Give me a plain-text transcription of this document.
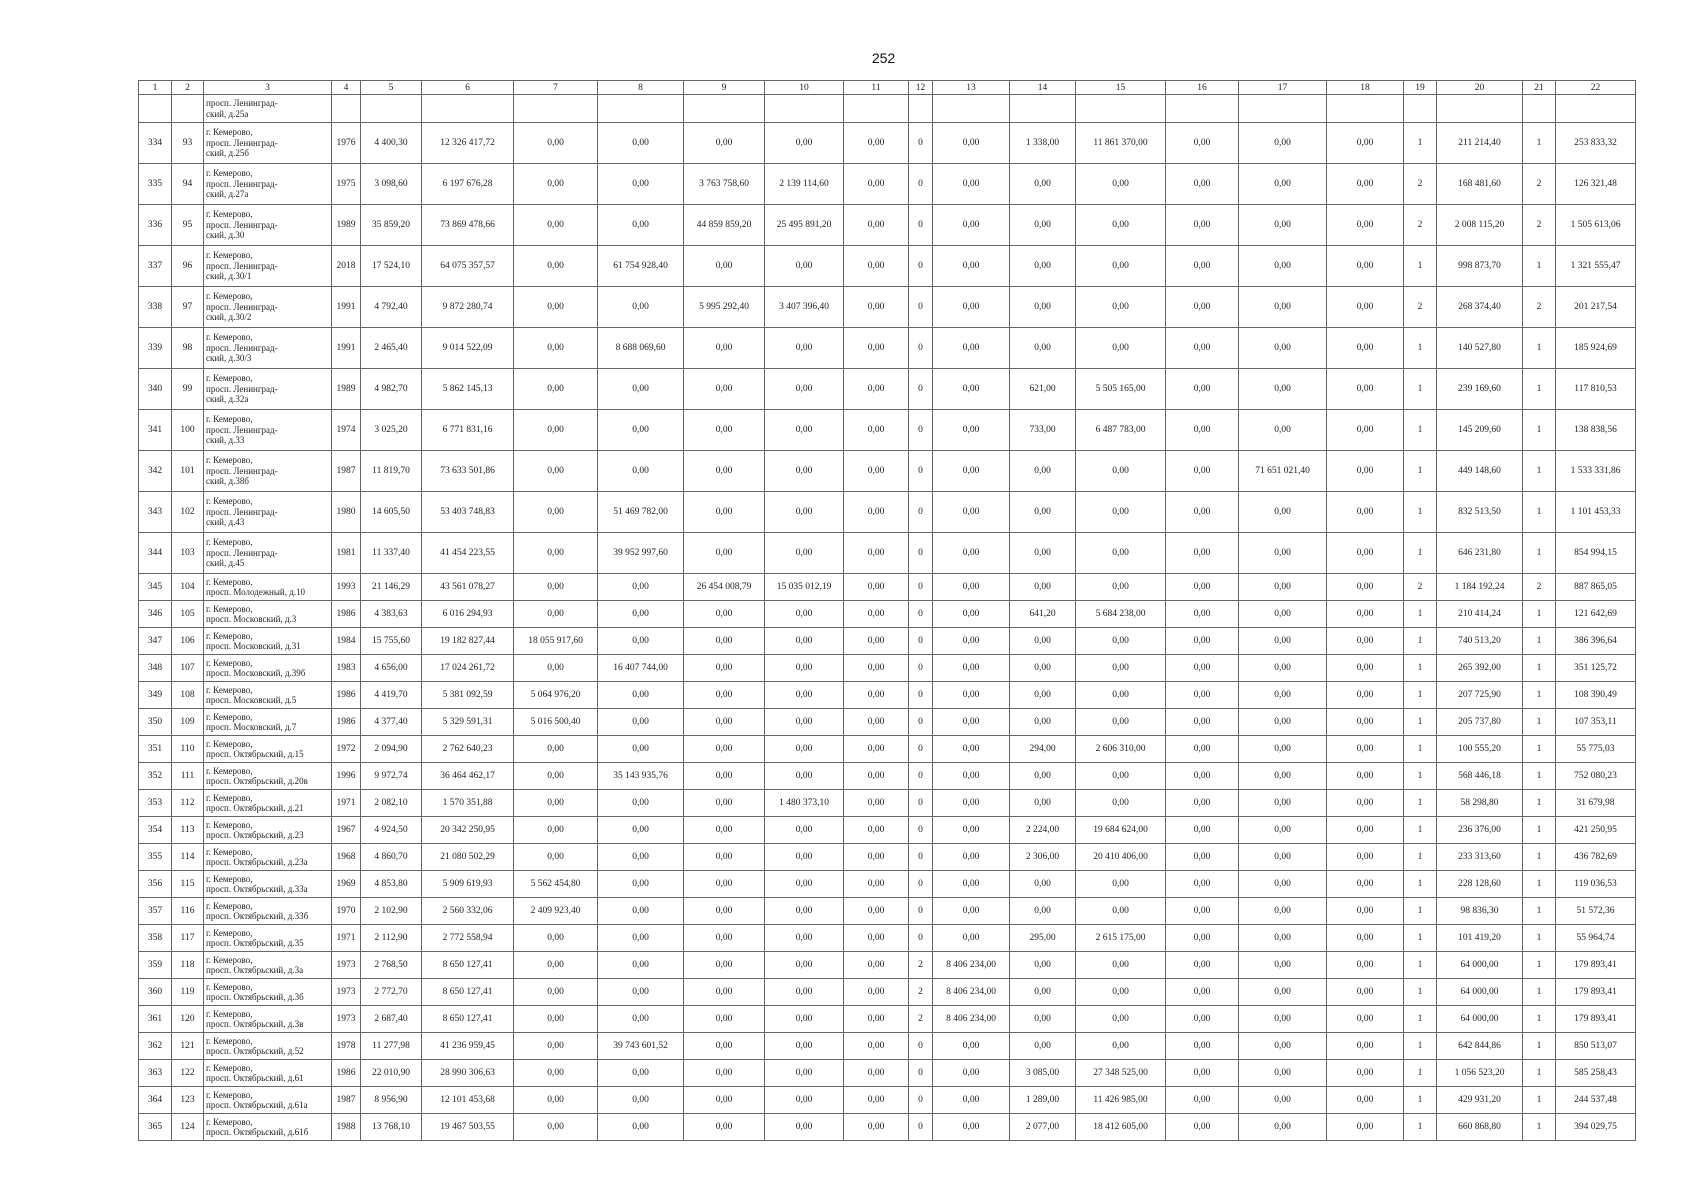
252
1	2	3	4	5	6	7	8	9	10	11	12	13	14	15	16	17	18	19	20	21	22

		просп. Ленинград-
ский, д.25а																			

334	93	г. Кемерово,
просп. Ленинград-
ский, д.25б	1976	4 400,30	12 326 417,72	0,00	0,00	0,00	0,00	0,00	0	0,00	1 338,00	11 861 370,00	0,00	0,00	0,00	1	211 214,40	1	253 833,32
335	94	г. Кемерово,
просп. Ленинград-
ский, д.27а	1975	3 098,60	6 197 676,28	0,00	0,00	3 763 758,60	2 139 114,60	0,00	0	0,00	0,00	0,00	0,00	0,00	0,00	2	168 481,60	2	126 321,48
336	95	г. Кемерово,
просп. Ленинград-
ский, д.30	1989	35 859,20	73 869 478,66	0,00	0,00	44 859 859,20	25 495 891,20	0,00	0	0,00	0,00	0,00	0,00	0,00	0,00	2	2 008 115,20	2	1 505 613,06
337	96	г. Кемерово,
просп. Ленинград-
ский, д.30/1	2018	17 524,10	64 075 357,57	0,00	61 754 928,40	0,00	0,00	0,00	0	0,00	0,00	0,00	0,00	0,00	0,00	1	998 873,70	1	1 321 555,47
338	97	г. Кемерово,
просп. Ленинград-
ский, д.30/2	1991	4 792,40	9 872 280,74	0,00	0,00	5 995 292,40	3 407 396,40	0,00	0	0,00	0,00	0,00	0,00	0,00	0,00	2	268 374,40	2	201 217,54
339	98	г. Кемерово,
просп. Ленинград-
ский, д.30/3	1991	2 465,40	9 014 522,09	0,00	8 688 069,60	0,00	0,00	0,00	0	0,00	0,00	0,00	0,00	0,00	0,00	1	140 527,80	1	185 924,69
340	99	г. Кемерово,
просп. Ленинград-
ский, д.32а	1989	4 982,70	5 862 145,13	0,00	0,00	0,00	0,00	0,00	0	0,00	621,00	5 505 165,00	0,00	0,00	0,00	1	239 169,60	1	117 810,53
341	100	г. Кемерово,
просп. Ленинград-
ский, д.33	1974	3 025,20	6 771 831,16	0,00	0,00	0,00	0,00	0,00	0	0,00	733,00	6 487 783,00	0,00	0,00	0,00	1	145 209,60	1	138 838,56
342	101	г. Кемерово,
просп. Ленинград-
ский, д.38б	1987	11 819,70	73 633 501,86	0,00	0,00	0,00	0,00	0,00	0	0,00	0,00	0,00	0,00	71 651 021,40	0,00	1	449 148,60	1	1 533 331,86
343	102	г. Кемерово,
просп. Ленинград-
ский, д.43	1980	14 605,50	53 403 748,83	0,00	51 469 782,00	0,00	0,00	0,00	0	0,00	0,00	0,00	0,00	0,00	0,00	1	832 513,50	1	1 101 453,33
344	103	г. Кемерово,
просп. Ленинград-
ский, д.45	1981	11 337,40	41 454 223,55	0,00	39 952 997,60	0,00	0,00	0,00	0	0,00	0,00	0,00	0,00	0,00	0,00	1	646 231,80	1	854 994,15
345	104	г. Кемерово,
просп. Молодежный, д.10	1993	21 146,29	43 561 078,27	0,00	0,00	26 454 008,79	15 035 012,19	0,00	0	0,00	0,00	0,00	0,00	0,00	0,00	2	1 184 192,24	2	887 865,05
346	105	г. Кемерово,
просп. Московский, д.3	1986	4 383,63	6 016 294,93	0,00	0,00	0,00	0,00	0,00	0	0,00	641,20	5 684 238,00	0,00	0,00	0,00	1	210 414,24	1	121 642,69
347	106	г. Кемерово,
просп. Московский, д.31	1984	15 755,60	19 182 827,44	18 055 917,60	0,00	0,00	0,00	0,00	0	0,00	0,00	0,00	0,00	0,00	0,00	1	740 513,20	1	386 396,64
348	107	г. Кемерово,
просп. Московский, д.39б	1983	4 656,00	17 024 261,72	0,00	16 407 744,00	0,00	0,00	0,00	0	0,00	0,00	0,00	0,00	0,00	0,00	1	265 392,00	1	351 125,72
349	108	г. Кемерово,
просп. Московский, д.5	1986	4 419,70	5 381 092,59	5 064 976,20	0,00	0,00	0,00	0,00	0	0,00	0,00	0,00	0,00	0,00	0,00	1	207 725,90	1	108 390,49
350	109	г. Кемерово,
просп. Московский, д.7	1986	4 377,40	5 329 591,31	5 016 500,40	0,00	0,00	0,00	0,00	0	0,00	0,00	0,00	0,00	0,00	0,00	1	205 737,80	1	107 353,11
351	110	г. Кемерово,
просп. Октябрьский, д.15	1972	2 094,90	2 762 640,23	0,00	0,00	0,00	0,00	0,00	0	0,00	294,00	2 606 310,00	0,00	0,00	0,00	1	100 555,20	1	55 775,03
352	111	г. Кемерово,
просп. Октябрьский, д.20в	1996	9 972,74	36 464 462,17	0,00	35 143 935,76	0,00	0,00	0,00	0	0,00	0,00	0,00	0,00	0,00	0,00	1	568 446,18	1	752 080,23
353	112	г. Кемерово,
просп. Октябрьский, д.21	1971	2 082,10	1 570 351,88	0,00	0,00	0,00	1 480 373,10	0,00	0	0,00	0,00	0,00	0,00	0,00	0,00	1	58 298,80	1	31 679,98
354	113	г. Кемерово,
просп. Октябрьский, д.23	1967	4 924,50	20 342 250,95	0,00	0,00	0,00	0,00	0,00	0	0,00	2 224,00	19 684 624,00	0,00	0,00	0,00	1	236 376,00	1	421 250,95
355	114	г. Кемерово,
просп. Октябрьский, д.23а	1968	4 860,70	21 080 502,29	0,00	0,00	0,00	0,00	0,00	0	0,00	2 306,00	20 410 406,00	0,00	0,00	0,00	1	233 313,60	1	436 782,69
356	115	г. Кемерово,
просп. Октябрьский, д.33а	1969	4 853,80	5 909 619,93	5 562 454,80	0,00	0,00	0,00	0,00	0	0,00	0,00	0,00	0,00	0,00	0,00	1	228 128,60	1	119 036,53
357	116	г. Кемерово,
просп. Октябрьский, д.33б	1970	2 102,90	2 560 332,06	2 409 923,40	0,00	0,00	0,00	0,00	0	0,00	0,00	0,00	0,00	0,00	0,00	1	98 836,30	1	51 572,36
358	117	г. Кемерово,
просп. Октябрьский, д.35	1971	2 112,90	2 772 558,94	0,00	0,00	0,00	0,00	0,00	0	0,00	295,00	2 615 175,00	0,00	0,00	0,00	1	101 419,20	1	55 964,74
359	118	г. Кемерово,
просп. Октябрьский, д.3а	1973	2 768,50	8 650 127,41	0,00	0,00	0,00	0,00	0,00	2	8 406 234,00	0,00	0,00	0,00	0,00	0,00	1	64 000,00	1	179 893,41
360	119	г. Кемерово,
просп. Октябрьский, д.3б	1973	2 772,70	8 650 127,41	0,00	0,00	0,00	0,00	0,00	2	8 406 234,00	0,00	0,00	0,00	0,00	0,00	1	64 000,00	1	179 893,41
361	120	г. Кемерово,
просп. Октябрьский, д.3в	1973	2 687,40	8 650 127,41	0,00	0,00	0,00	0,00	0,00	2	8 406 234,00	0,00	0,00	0,00	0,00	0,00	1	64 000,00	1	179 893,41
362	121	г. Кемерово,
просп. Октябрьский, д.52	1978	11 277,98	41 236 959,45	0,00	39 743 601,52	0,00	0,00	0,00	0	0,00	0,00	0,00	0,00	0,00	0,00	1	642 844,86	1	850 513,07
363	122	г. Кемерово,
просп. Октябрьский, д.61	1986	22 010,90	28 990 306,63	0,00	0,00	0,00	0,00	0,00	0	0,00	3 085,00	27 348 525,00	0,00	0,00	0,00	1	1 056 523,20	1	585 258,43
364	123	г. Кемерово,
просп. Октябрьский, д.61а	1987	8 956,90	12 101 453,68	0,00	0,00	0,00	0,00	0,00	0	0,00	1 289,00	11 426 985,00	0,00	0,00	0,00	1	429 931,20	1	244 537,48
365	124	г. Кемерово,
просп. Октябрьский, д.61б	1988	13 768,10	19 467 503,55	0,00	0,00	0,00	0,00	0,00	0	0,00	2 077,00	18 412 605,00	0,00	0,00	0,00	1	660 868,80	1	394 029,75
